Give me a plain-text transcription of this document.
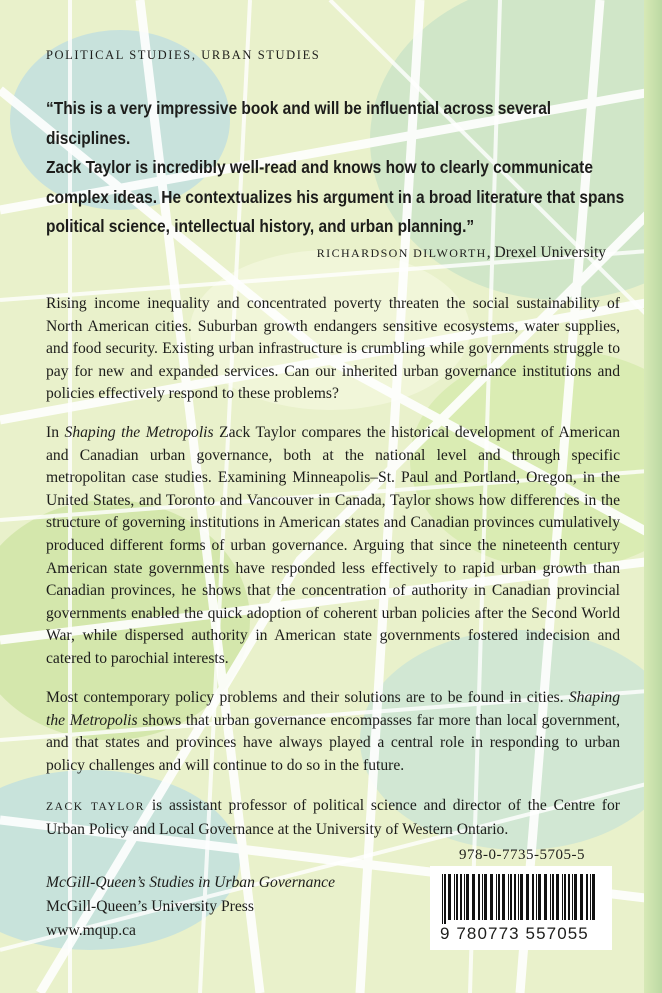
POLITICAL STUDIES, URBAN STUDIES
“This is a very impressive book and will be influential across several disciplines.
Zack Taylor is incredibly well-read and knows how to clearly communicate
complex ideas. He contextualizes his argument in a broad literature that spans
political science, intellectual history, and urban planning.”
RICHARDSON DILWORTH, Drexel University
Rising income inequality and concentrated poverty threaten the social sustainability of North American cities. Suburban growth endangers sensitive ecosystems, water supplies, and food security. Existing urban infrastructure is crumbling while governments struggle to pay for new and expanded services. Can our inherited urban governance institutions and policies effectively respond to these problems?
In Shaping the Metropolis Zack Taylor compares the historical development of American and Canadian urban governance, both at the national level and through specific metropolitan case studies. Examining Minneapolis–St. Paul and Portland, Oregon, in the United States, and Toronto and Vancouver in Canada, Taylor shows how differences in the structure of governing institutions in American states and Canadian provinces cumulatively produced different forms of urban governance. Arguing that since the nineteenth century American state governments have responded less effectively to rapid urban growth than Canadian provinces, he shows that the concentration of authority in Canadian provincial governments enabled the quick adoption of coherent urban policies after the Second World War, while dispersed authority in American state governments fostered indecision and catered to parochial interests.
Most contemporary policy problems and their solutions are to be found in cities. Shaping the Metropolis shows that urban governance encompasses far more than local government, and that states and provinces have always played a central role in responding to urban policy challenges and will continue to do so in the future.
ZACK TAYLOR is assistant professor of political science and director of the Centre for Urban Policy and Local Governance at the University of Western Ontario.
McGill-Queen’s Studies in Urban Governance
McGill-Queen’s University Press
www.mqup.ca
978-0-7735-5705-5
9 780773 557055
